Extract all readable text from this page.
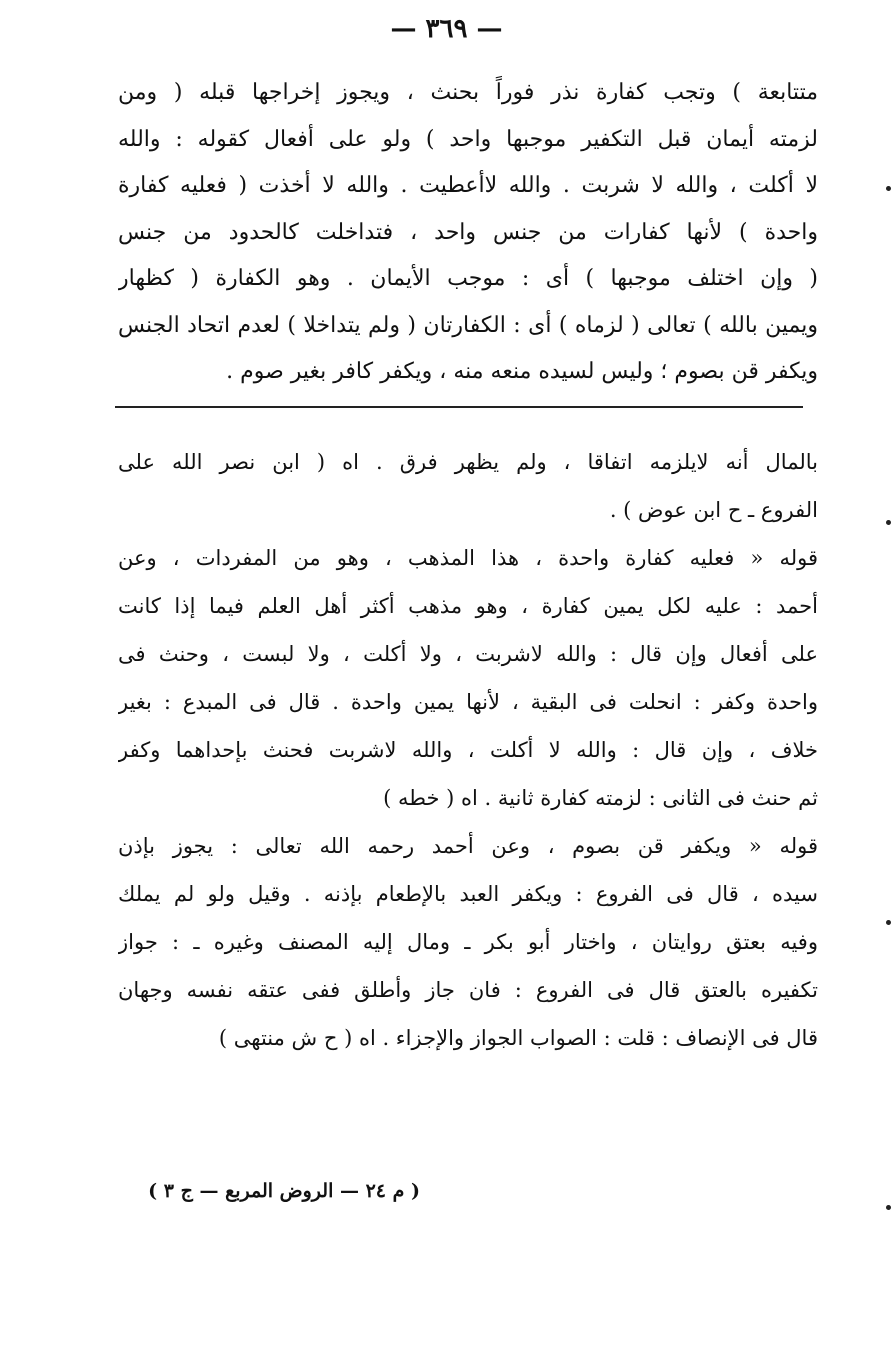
— ٣٦٩ —
متتابعة ) وتجب كفارة نذر فوراً بحنث ، ويجوز إخراجها قبله ( ومن
لزمته أيمان قبل التكفير موجبها واحد ) ولو على أفعال كقوله : والله
لا أكلت ، والله لا شربت . والله لاأعطيت . والله لا أخذت ( فعليه كفارة
واحدة ) لأنها كفارات من جنس واحد ، فتداخلت كالحدود من جنس
( وإن اختلف موجبها ) أى : موجب الأيمان . وهو الكفارة ( كظهار
ويمين بالله ) تعالى ( لزماه ) أى : الكفارتان ( ولم يتداخلا ) لعدم اتحاد الجنس
ويكفر قن بصوم ؛ وليس لسيده منعه منه ، ويكفر كافر بغير صوم .
بالمال أنه لايلزمه اتفاقا ، ولم يظهر فرق . اه ( ابن نصر الله على
الفروع ـ ح ابن عوض ) .
قوله « فعليه كفارة واحدة ، هذا المذهب ، وهو من المفردات ، وعن
أحمد : عليه لكل يمين كفارة ، وهو مذهب أكثر أهل العلم فيما إذا كانت
على أفعال وإن قال : والله لاشربت ، ولا أكلت ، ولا لبست ، وحنث فى
واحدة وكفر : انحلت فى البقية ، لأنها يمين واحدة . قال فى المبدع : بغير
خلاف ، وإن قال : والله لا أكلت ، والله لاشربت فحنث بإحداهما وكفر
ثم حنث فى الثانى : لزمته كفارة ثانية . اه ( خطه )
قوله « ويكفر قن بصوم ، وعن أحمد رحمه الله تعالى : يجوز بإذن
سيده ، قال فى الفروع : ويكفر العبد بالإطعام بإذنه . وقيل ولو لم يملك
وفيه بعتق روايتان ، واختار أبو بكر ـ ومال إليه المصنف وغيره ـ : جواز
تكفيره بالعتق قال فى الفروع : فان جاز وأطلق ففى عتقه نفسه وجهان
قال فى الإنصاف : قلت : الصواب الجواز والإجزاء . اه ( ح ش منتهى )
( م ٢٤ — الروض المربع — ج ٣ )
